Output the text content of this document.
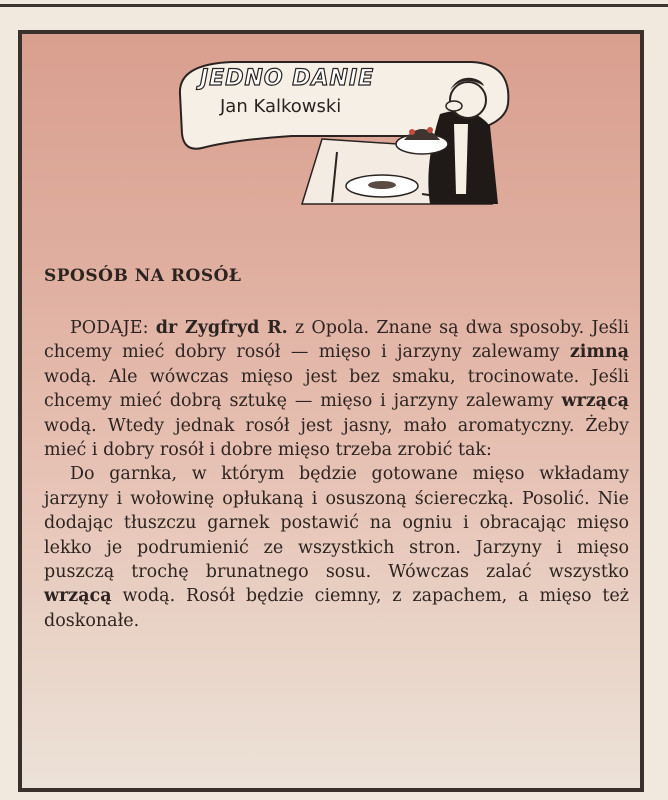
JEDNO DANIE
Jan Kalkowski
SPOSÓB NA ROSÓŁ

PODAJE: dr Zygfryd R. z Opola. Znane są dwa sposoby. Jeśli chcemy mieć dobry rosół — mięso i jarzyny zalewamy zimną wodą. Ale wówczas mięso jest bez smaku, trocinowate. Jeśli chcemy mieć dobrą sztukę — mięso i jarzyny zalewamy wrzącą wodą. Wtedy jednak rosół jest jasny, mało aromatyczny. Żeby mieć i dobry rosół i dobre mięso trzeba zrobić tak:

Do garnka, w którym będzie gotowane mięso wkładamy jarzyny i wołowinę opłukaną i osuszoną ściereczką. Posolić. Nie dodając tłuszczu garnek postawić na ogniu i obracając mięso lekko je podrumienić ze wszystkich stron. Jarzyny i mięso puszczą trochę brunatnego sosu. Wówczas zalać wszystko wrzącą wodą. Rosół będzie ciemny, z zapachem, a mięso też doskonałe.
